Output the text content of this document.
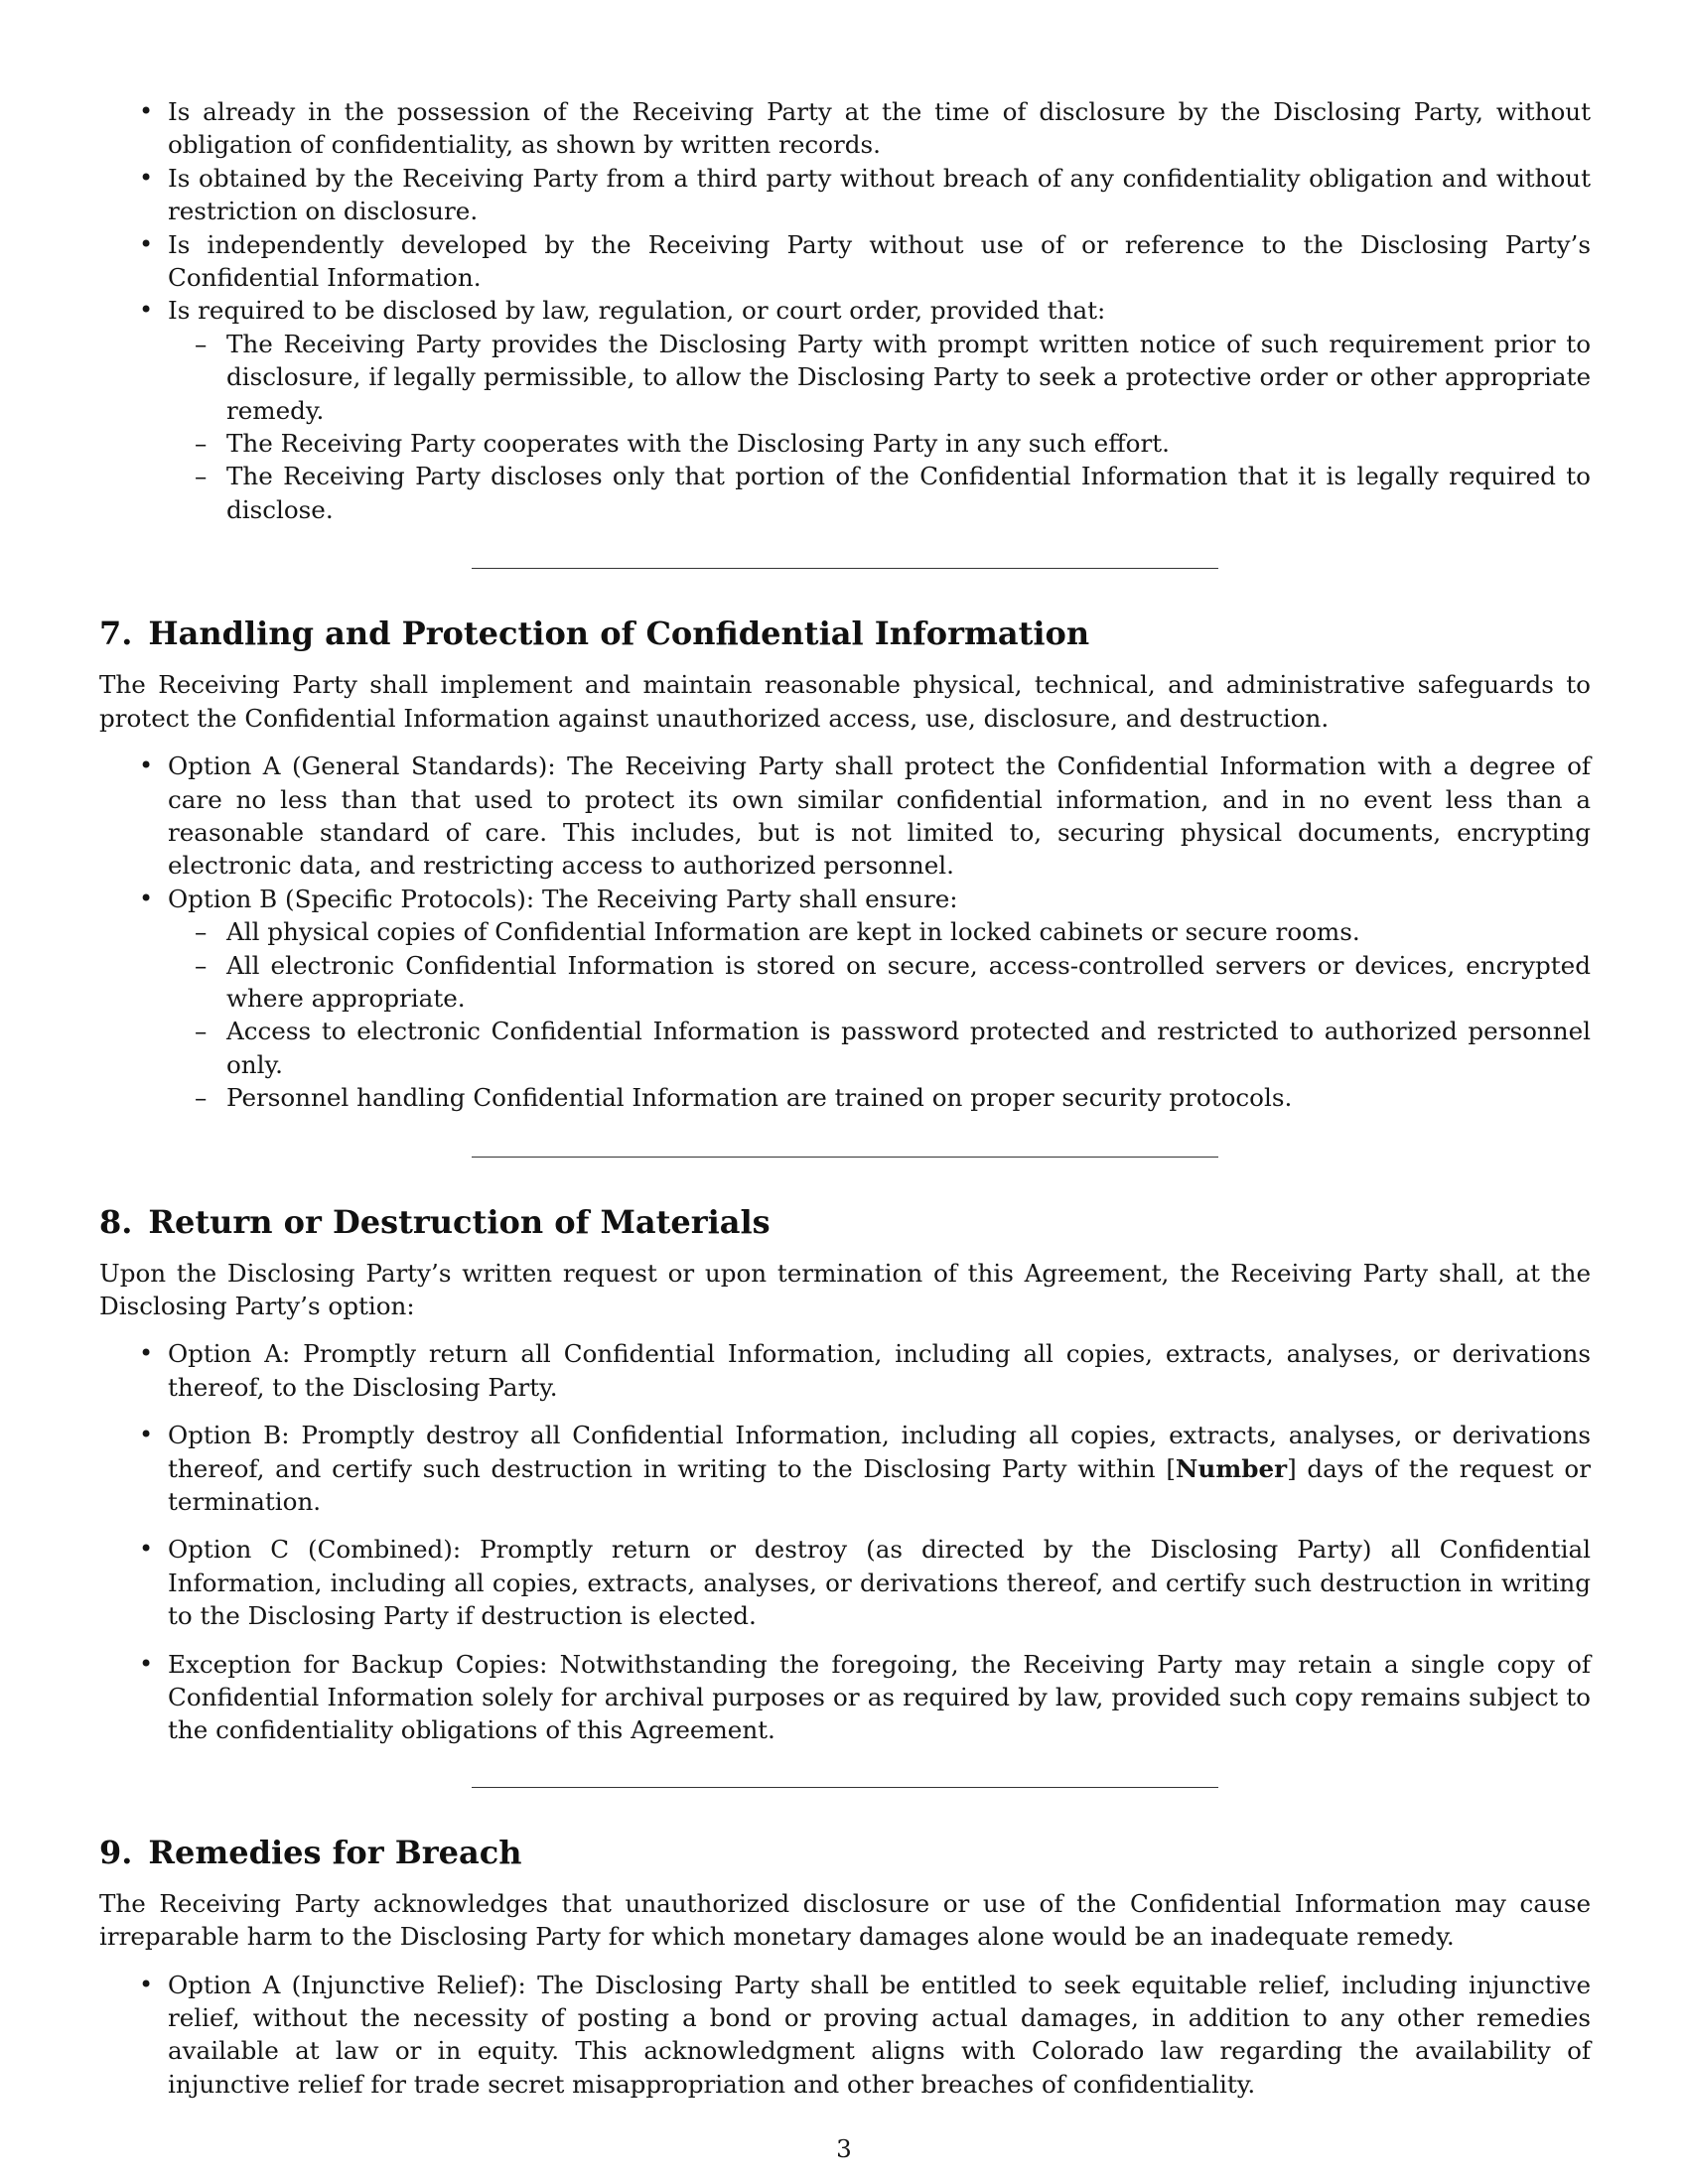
• Is already in the possession of the Receiving Party at the time of disclosure by the Disclosing Party, without obligation of confidentiality, as shown by written records.
• Is obtained by the Receiving Party from a third party without breach of any confidentiality obligation and without restriction on disclosure.
• Is independently developed by the Receiving Party without use of or reference to the Disclosing Party’s Confidential Information.
• Is required to be disclosed by law, regulation, or court order, provided that:
– The Receiving Party provides the Disclosing Party with prompt written notice of such requirement prior to disclosure, if legally permissible, to allow the Disclosing Party to seek a protective order or other appropriate remedy.
– The Receiving Party cooperates with the Disclosing Party in any such effort.
– The Receiving Party discloses only that portion of the Confidential Information that it is legally required to disclose.
7. Handling and Protection of Confidential Information

The Receiving Party shall implement and maintain reasonable physical, technical, and administrative safeguards to protect the Confidential Information against unauthorized access, use, disclosure, and destruction.

• Option A (General Standards): The Receiving Party shall protect the Confidential Information with a degree of care no less than that used to protect its own similar confidential information, and in no event less than a reasonable standard of care. This includes, but is not limited to, securing physical documents, encrypting electronic data, and restricting access to authorized personnel.
• Option B (Specific Protocols): The Receiving Party shall ensure:
– All physical copies of Confidential Information are kept in locked cabinets or secure rooms.
– All electronic Confidential Information is stored on secure, access-controlled servers or devices, encrypted where appropriate.
– Access to electronic Confidential Information is password protected and restricted to authorized personnel only.
– Personnel handling Confidential Information are trained on proper security protocols.
8. Return or Destruction of Materials

Upon the Disclosing Party’s written request or upon termination of this Agreement, the Receiving Party shall, at the Disclosing Party’s option:

• Option A: Promptly return all Confidential Information, including all copies, extracts, analyses, or derivations thereof, to the Disclosing Party.
• Option B: Promptly destroy all Confidential Information, including all copies, extracts, analyses, or derivations thereof, and certify such destruction in writing to the Disclosing Party within [Number] days of the request or termination.
• Option C (Combined): Promptly return or destroy (as directed by the Disclosing Party) all Confidential Information, including all copies, extracts, analyses, or derivations thereof, and certify such destruction in writing to the Disclosing Party if destruction is elected.
• Exception for Backup Copies: Notwithstanding the foregoing, the Receiving Party may retain a single copy of Confidential Information solely for archival purposes or as required by law, provided such copy remains subject to the confidentiality obligations of this Agreement.
9. Remedies for Breach

The Receiving Party acknowledges that unauthorized disclosure or use of the Confidential Information may cause irreparable harm to the Disclosing Party for which monetary damages alone would be an inadequate remedy.

• Option A (Injunctive Relief): The Disclosing Party shall be entitled to seek equitable relief, including injunctive relief, without the necessity of posting a bond or proving actual damages, in addition to any other remedies available at law or in equity. This acknowledgment aligns with Colorado law regarding the availability of injunctive relief for trade secret misappropriation and other breaches of confidentiality.
3
